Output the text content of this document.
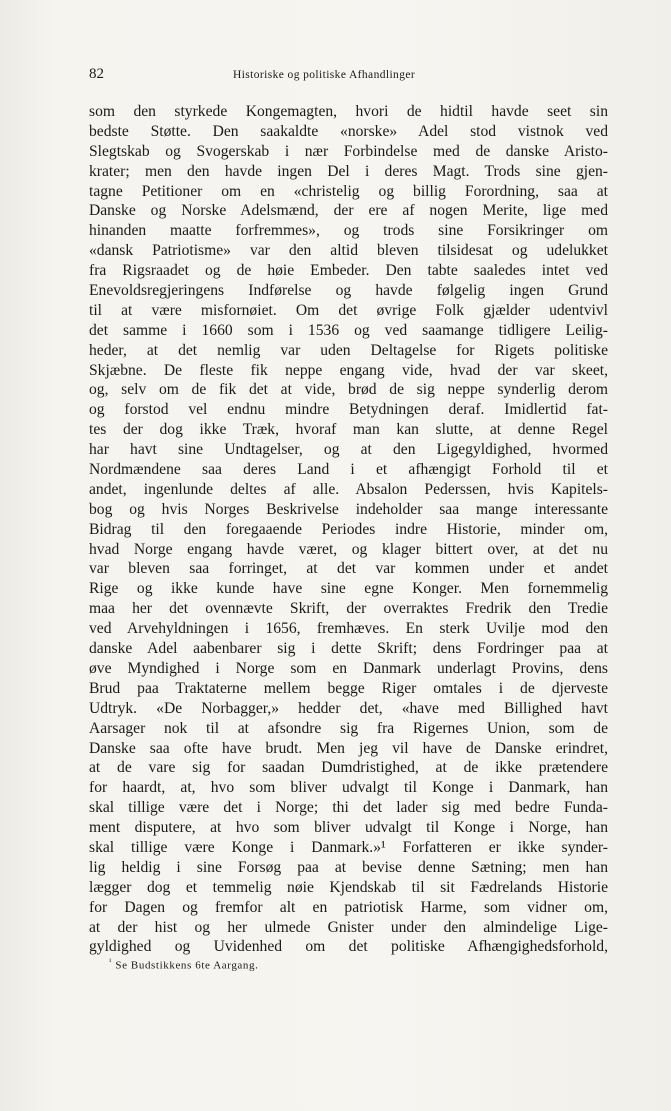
82	Historiske og politiske Afhandlinger
som den styrkede Kongemagten, hvori de hidtil havde seet sin
bedste Støtte. Den saakaldte «norske» Adel stod vistnok ved
Slegtskab og Svogerskab i nær Forbindelse med de danske Aristo-
krater; men den havde ingen Del i deres Magt. Trods sine gjen-
tagne Petitioner om en «christelig og billig Forordning, saa at
Danske og Norske Adelsmænd, der ere af nogen Merite, lige med
hinanden maatte forfremmes», og trods sine Forsikringer om
«dansk Patriotisme» var den altid bleven tilsidesat og udelukket
fra Rigsraadet og de høie Embeder. Den tabte saaledes intet ved
Enevoldsregjeringens Indførelse og havde følgelig ingen Grund
til at være misfornøiet. Om det øvrige Folk gjælder udentvivl
det samme i 1660 som i 1536 og ved saamange tidligere Leilig-
heder, at det nemlig var uden Deltagelse for Rigets politiske
Skjæbne. De fleste fik neppe engang vide, hvad der var skeet,
og, selv om de fik det at vide, brød de sig neppe synderlig derom
og forstod vel endnu mindre Betydningen deraf. Imidlertid fat-
tes der dog ikke Træk, hvoraf man kan slutte, at denne Regel
har havt sine Undtagelser, og at den Ligegyldighed, hvormed
Nordmændene saa deres Land i et afhængigt Forhold til et
andet, ingenlunde deltes af alle. Absalon Pederssen, hvis Kapitels-
bog og hvis Norges Beskrivelse indeholder saa mange interessante
Bidrag til den foregaaende Periodes indre Historie, minder om,
hvad Norge engang havde været, og klager bittert over, at det nu
var bleven saa forringet, at det var kommen under et andet
Rige og ikke kunde have sine egne Konger. Men fornemmelig
maa her det ovennævte Skrift, der overraktes Fredrik den Tredie
ved Arvehyldningen i 1656, fremhæves. En sterk Uvilje mod den
danske Adel aabenbarer sig i dette Skrift; dens Fordringer paa at
øve Myndighed i Norge som en Danmark underlagt Provins, dens
Brud paa Traktaterne mellem begge Riger omtales i de djerveste
Udtryk. «De Norbagger,» hedder det, «have med Billighed havt
Aarsager nok til at afsondre sig fra Rigernes Union, som de
Danske saa ofte have brudt. Men jeg vil have de Danske erindret,
at de vare sig for saadan Dumdristighed, at de ikke prætendere
for haardt, at, hvo som bliver udvalgt til Konge i Danmark, han
skal tillige være det i Norge; thi det lader sig med bedre Funda-
ment disputere, at hvo som bliver udvalgt til Konge i Norge, han
skal tillige være Konge i Danmark.»¹ Forfatteren er ikke synder-
lig heldig i sine Forsøg paa at bevise denne Sætning; men han
lægger dog et temmelig nøie Kjendskab til sit Fædrelands Historie
for Dagen og fremfor alt en patriotisk Harme, som vidner om,
at der hist og her ulmede Gnister under den almindelige Lige-
gyldighed og Uvidenhed om det politiske Afhængighedsforhold,
$^{^1}$ Se Budstikkens 6te Aargang.
